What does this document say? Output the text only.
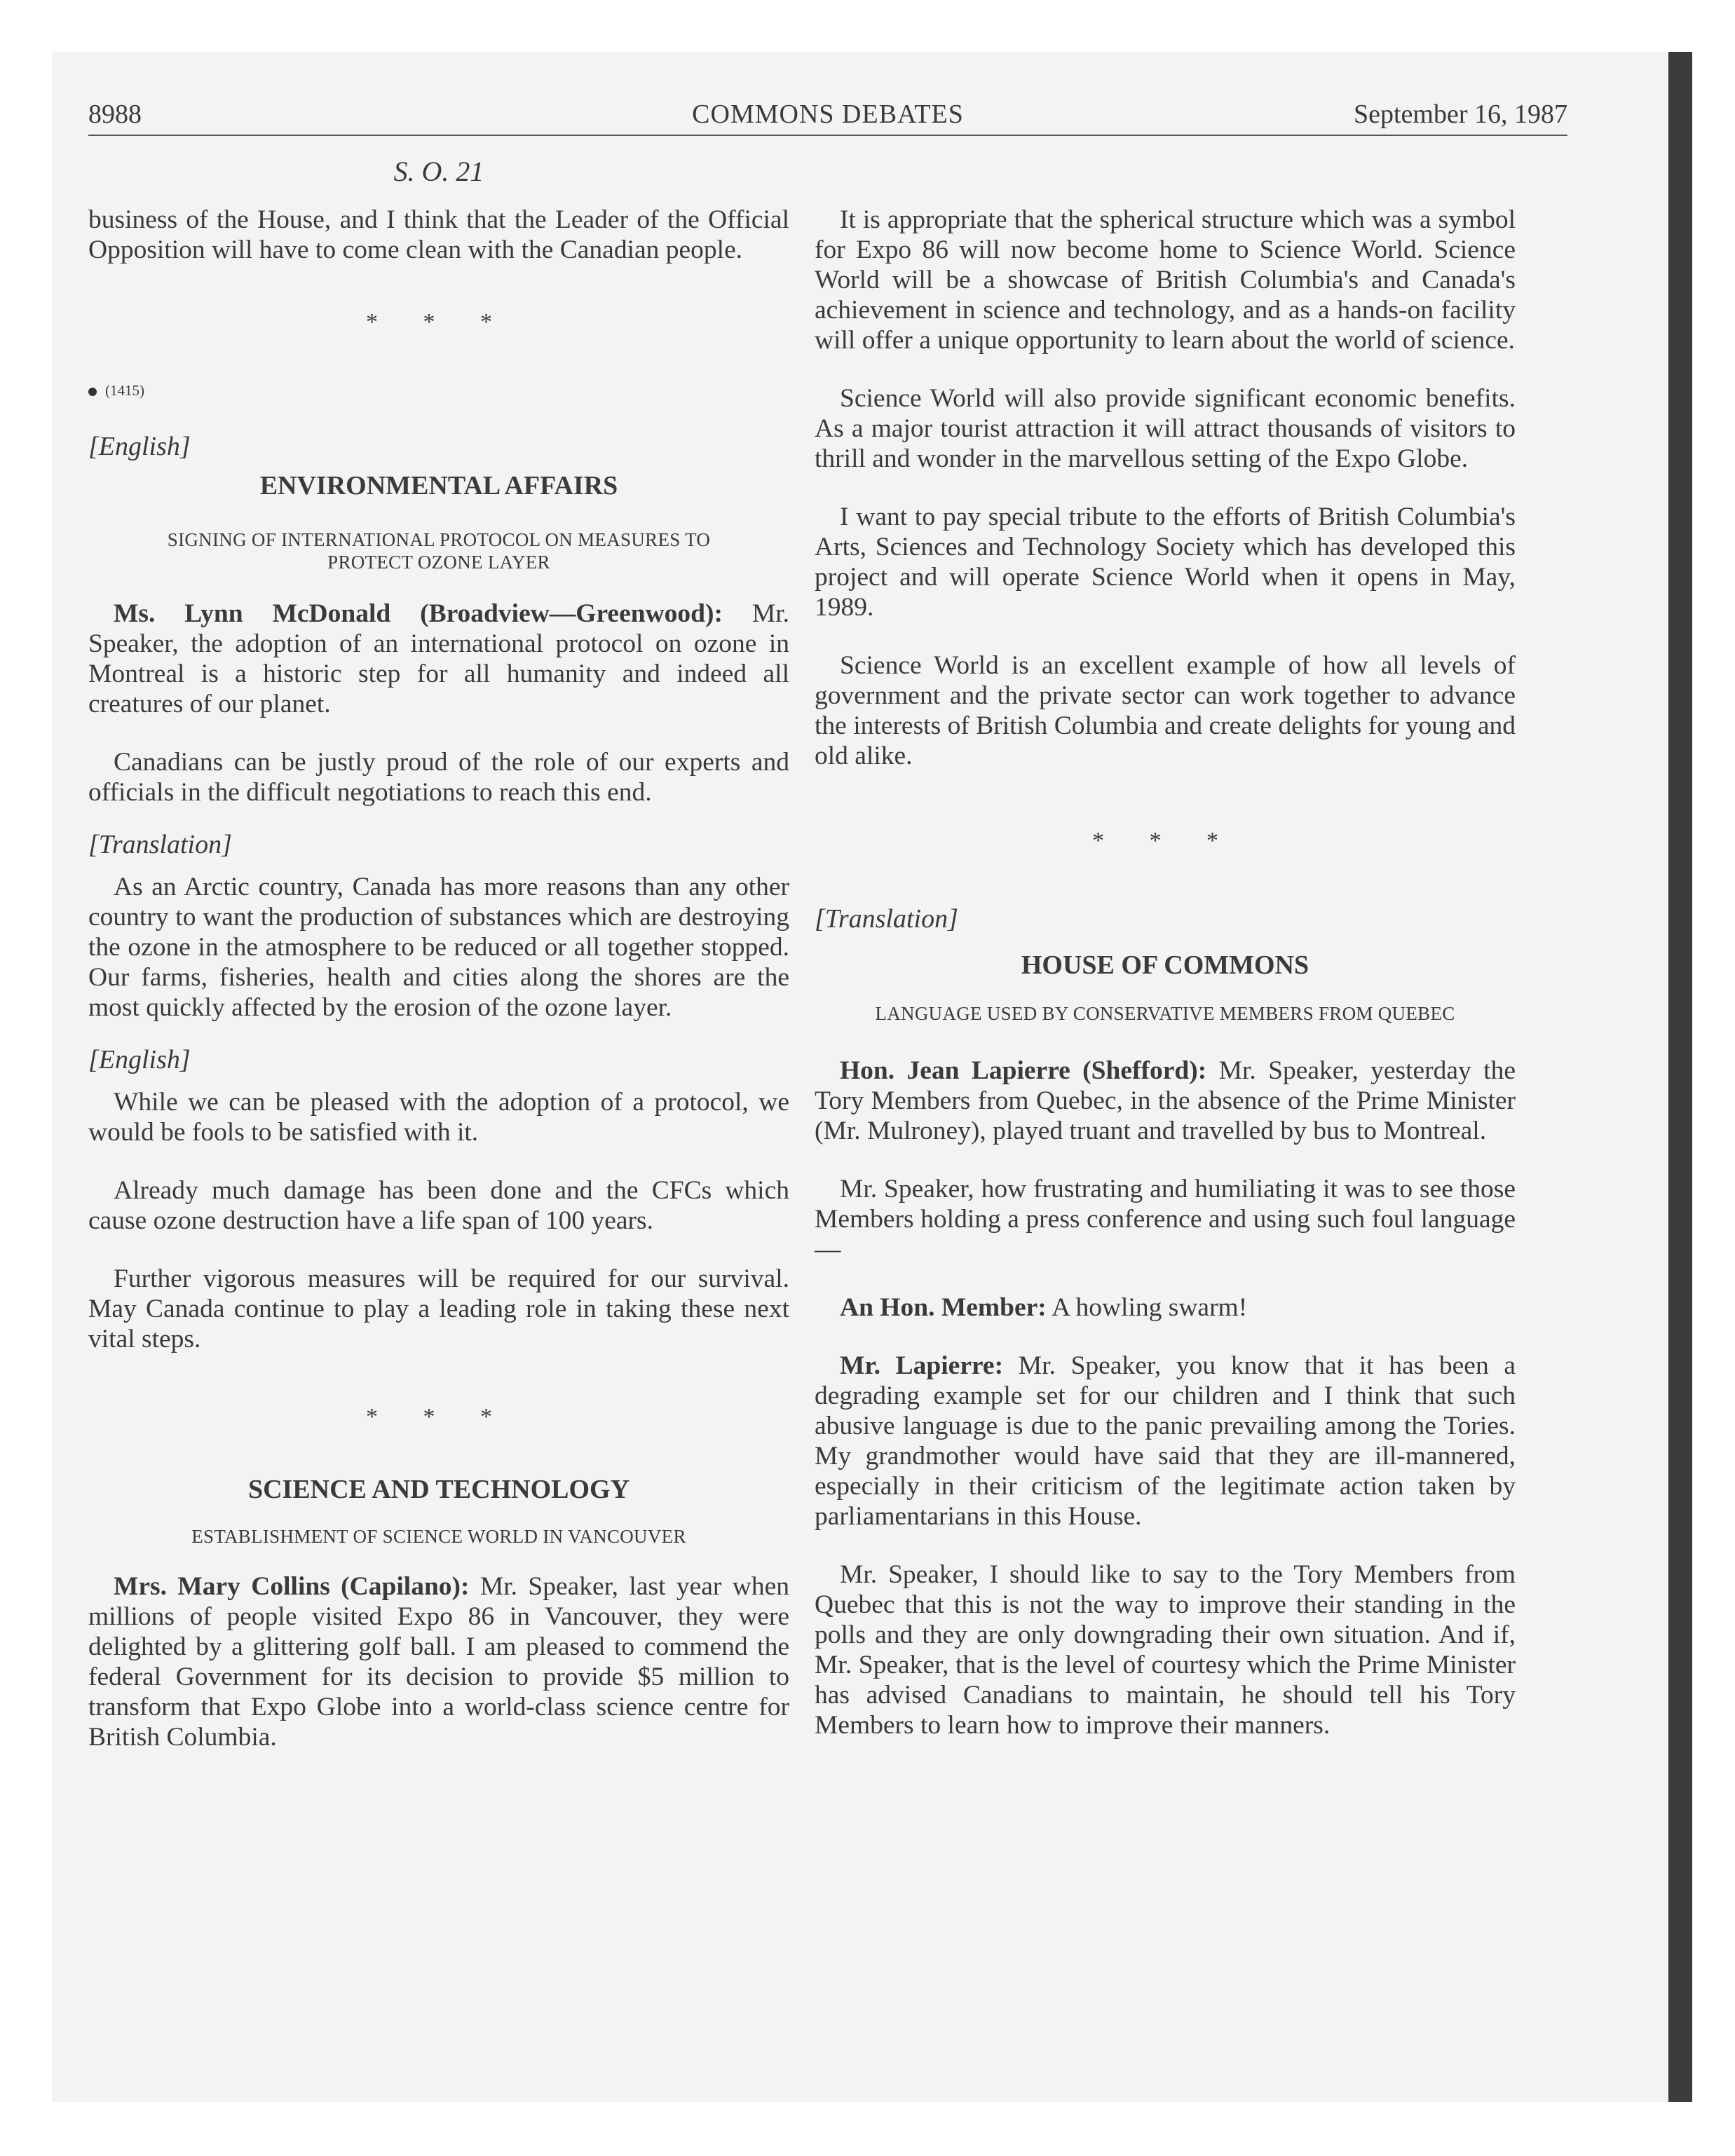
8988	COMMONS DEBATES	September 16, 1987
S. O. 21

business of the House, and I think that the Leader of the Official Opposition will have to come clean with the Canadian people.

* * *
(1415)
[English]
ENVIRONMENTAL AFFAIRS
SIGNING OF INTERNATIONAL PROTOCOL ON MEASURES TO PROTECT OZONE LAYER

Ms. Lynn McDonald (Broadview—Greenwood): Mr. Speaker, the adoption of an international protocol on ozone in Montreal is a historic step for all humanity and indeed all creatures of our planet.

Canadians can be justly proud of the role of our experts and officials in the difficult negotiations to reach this end.

[Translation]

As an Arctic country, Canada has more reasons than any other country to want the production of substances which are destroying the ozone in the atmosphere to be reduced or all together stopped. Our farms, fisheries, health and cities along the shores are the most quickly affected by the erosion of the ozone layer.

[English]

While we can be pleased with the adoption of a protocol, we would be fools to be satisfied with it.

Already much damage has been done and the CFCs which cause ozone destruction have a life span of 100 years.

Further vigorous measures will be required for our survival. May Canada continue to play a leading role in taking these next vital steps.

* * *
SCIENCE AND TECHNOLOGY
ESTABLISHMENT OF SCIENCE WORLD IN VANCOUVER

Mrs. Mary Collins (Capilano): Mr. Speaker, last year when millions of people visited Expo 86 in Vancouver, they were delighted by a glittering golf ball. I am pleased to commend the federal Government for its decision to provide $5 million to transform that Expo Globe into a world-class science centre for British Columbia.

It is appropriate that the spherical structure which was a symbol for Expo 86 will now become home to Science World. Science World will be a showcase of British Columbia's and Canada's achievement in science and technology, and as a hands-on facility will offer a unique opportunity to learn about the world of science.

Science World will also provide significant economic benefits. As a major tourist attraction it will attract thousands of visitors to thrill and wonder in the marvellous setting of the Expo Globe.

I want to pay special tribute to the efforts of British Columbia's Arts, Sciences and Technology Society which has developed this project and will operate Science World when it opens in May, 1989.

Science World is an excellent example of how all levels of government and the private sector can work together to advance the interests of British Columbia and create delights for young and old alike.

* * *
[Translation]
HOUSE OF COMMONS
LANGUAGE USED BY CONSERVATIVE MEMBERS FROM QUEBEC

Hon. Jean Lapierre (Shefford): Mr. Speaker, yesterday the Tory Members from Quebec, in the absence of the Prime Minister (Mr. Mulroney), played truant and travelled by bus to Montreal.

Mr. Speaker, how frustrating and humiliating it was to see those Members holding a press conference and using such foul language—

An Hon. Member: A howling swarm!

Mr. Lapierre: Mr. Speaker, you know that it has been a degrading example set for our children and I think that such abusive language is due to the panic prevailing among the Tories. My grandmother would have said that they are ill-mannered, especially in their criticism of the legitimate action taken by parliamentarians in this House.

Mr. Speaker, I should like to say to the Tory Members from Quebec that this is not the way to improve their standing in the polls and they are only downgrading their own situation. And if, Mr. Speaker, that is the level of courtesy which the Prime Minister has advised Canadians to maintain, he should tell his Tory Members to learn how to improve their manners.
